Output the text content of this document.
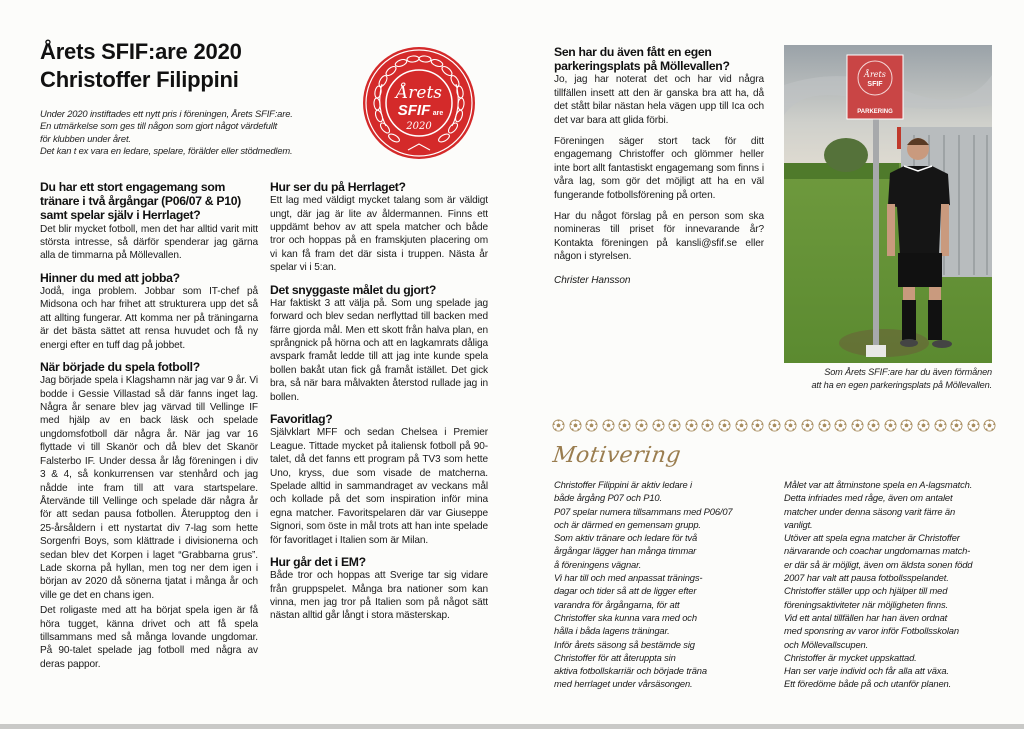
Årets SFIF:are 2020
Christoffer Filippini
Under 2020 instiftades ett nytt pris i föreningen, Årets SFIF:are.
En utmärkelse som ges till någon som gjort något värdefullt
för klubben under året.
Det kan t ex vara en ledare, spelare, förälder eller stödmedlem.
Årets
SFIF are
2020
Du har ett stort engagemang som tränare i två årgångar (P06/07 & P10) samt spelar själv i Herrlaget?
Det blir mycket fotboll, men det har alltid varit mitt största intresse, så därför spenderar jag gärna alla de timmarna på Möllevallen.
Hinner du med att jobba?
Jodå, inga problem. Jobbar som IT-chef på Midsona och har frihet att strukturera upp det så att allting fungerar. Att komma ner på träningarna är det bästa sättet att rensa huvudet och få ny energi efter en tuff dag på jobbet.
När började du spela fotboll?
Jag började spela i Klagshamn när jag var 9 år. Vi bodde i Gessie Villastad så där fanns inget lag. Några år senare blev jag värvad till Vellinge IF med hjälp av en back läsk och spelade ungdomsfotboll där några år. När jag var 16 flyttade vi till Skanör och då blev det Skanör Falsterbo IF. Under dessa år låg föreningen i div 3 & 4, så konkurrensen var stenhård och jag nådde inte fram till att vara startspelare. Återvände till Vellinge och spelade där några år för att sedan pausa fotbollen. Återupptog den i 25-årsåldern i ett nystartat div 7-lag som hette Sorgenfri Boys, som klättrade i divisionerna och sedan blev det Korpen i laget “Grabbarna grus”. Lade skorna på hyllan, men tog ner dem igen i början av 2020 då sönerna tjatat i många år och ville ge det en chans igen.
Det roligaste med att ha börjat spela igen är få höra tugget, känna drivet och att få spela tillsammans med så många lovande ungdomar. På 90-talet spelade jag fotboll med några av deras pappor.
Hur ser du på Herrlaget?
Ett lag med väldigt mycket talang som är väldigt ungt, där jag är lite av åldermannen. Finns ett uppdämt behov av att spela matcher och både tror och hoppas på en framskjuten placering om vi kan få fram det där sista i truppen. Nästa år spelar vi i 5:an.
Det snyggaste målet du gjort?
Har faktiskt 3 att välja på. Som ung spelade jag forward och blev sedan nerflyttad till backen med färre gjorda mål. Men ett skott från halva plan, en språngnick på hörna och att en lagkamrats dåliga avspark framåt ledde till att jag inte kunde spela bollen bakåt utan fick gå framåt istället. Det gick bra, så när bara målvakten återstod rullade jag in bollen.
Favoritlag?
Självklart MFF och sedan Chelsea i Premier League. Tittade mycket på italiensk fotboll på 90-talet, då det fanns ett program på TV3 som hette Uno, kryss, due som visade de matcherna. Spelade alltid in sammandraget av veckans mål och kollade på det som inspiration inför mina egna matcher. Favoritspelaren där var Giuseppe Signori, som öste in mål trots att han inte spelade för favoritlaget i Italien som är Milan.
Hur går det i EM?
Både tror och hoppas att Sverige tar sig vidare från gruppspelet. Många bra nationer som kan vinna, men jag tror på Italien som på något sätt nästan alltid går långt i stora mästerskap.
Sen har du även fått en egen parkeringsplats på Möllevallen?
Jo, jag har noterat det och har vid några tillfällen insett att den är ganska bra att ha, då det stått bilar nästan hela vägen upp till Ica och det var bara att glida förbi.
Föreningen säger stort tack för ditt engagemang Christoffer och glömmer heller inte bort allt fantastiskt engagemang som finns i våra lag, som gör det möjligt att ha en väl fungerande fotbollsförening på orten.
Har du något förslag på en person som ska nomineras till priset för innevarande år? Kontakta föreningen på kansli@sfif.se eller någon i styrelsen.
Christer Hansson
Årets
SFIF
PARKERING
Som Årets SFIF:are har du även förmånen
att ha en egen parkeringsplats på Möllevallen.
Motivering
Christoffer Filippini är aktiv ledare i
både årgång P07 och P10.
P07 spelar numera tillsammans med P06/07
och är därmed en gemensam grupp.
Som aktiv tränare och ledare för två
årgångar lägger han många timmar
å föreningens vägnar.
Vi har till och med anpassat tränings-
dagar och tider så att de ligger efter
varandra för årgångarna, för att
Christoffer ska kunna vara med och
hålla i båda lagens träningar.
Inför årets säsong så bestämde sig
Christoffer för att återuppta sin
aktiva fotbollskarriär och började träna
med herrlaget under vårsäsongen.
Målet var att åtminstone spela en A-lagsmatch.
Detta infriades med råge, även om antalet
matcher under denna säsong varit färre än
vanligt.
Utöver att spela egna matcher är Christoffer
närvarande och coachar ungdomarnas match-
er där så är möjligt, även om äldsta sonen född
2007 har valt att pausa fotbollsspelandet.
Christoffer ställer upp och hjälper till med
föreningsaktiviteter när möjligheten finns.
Vid ett antal tillfällen har han även ordnat
med sponsring av varor inför Fotbollsskolan
och Möllevallscupen.
Christoffer är mycket uppskattad.
Han ser varje individ och får alla att växa.
Ett föredöme både på och utanför planen.
